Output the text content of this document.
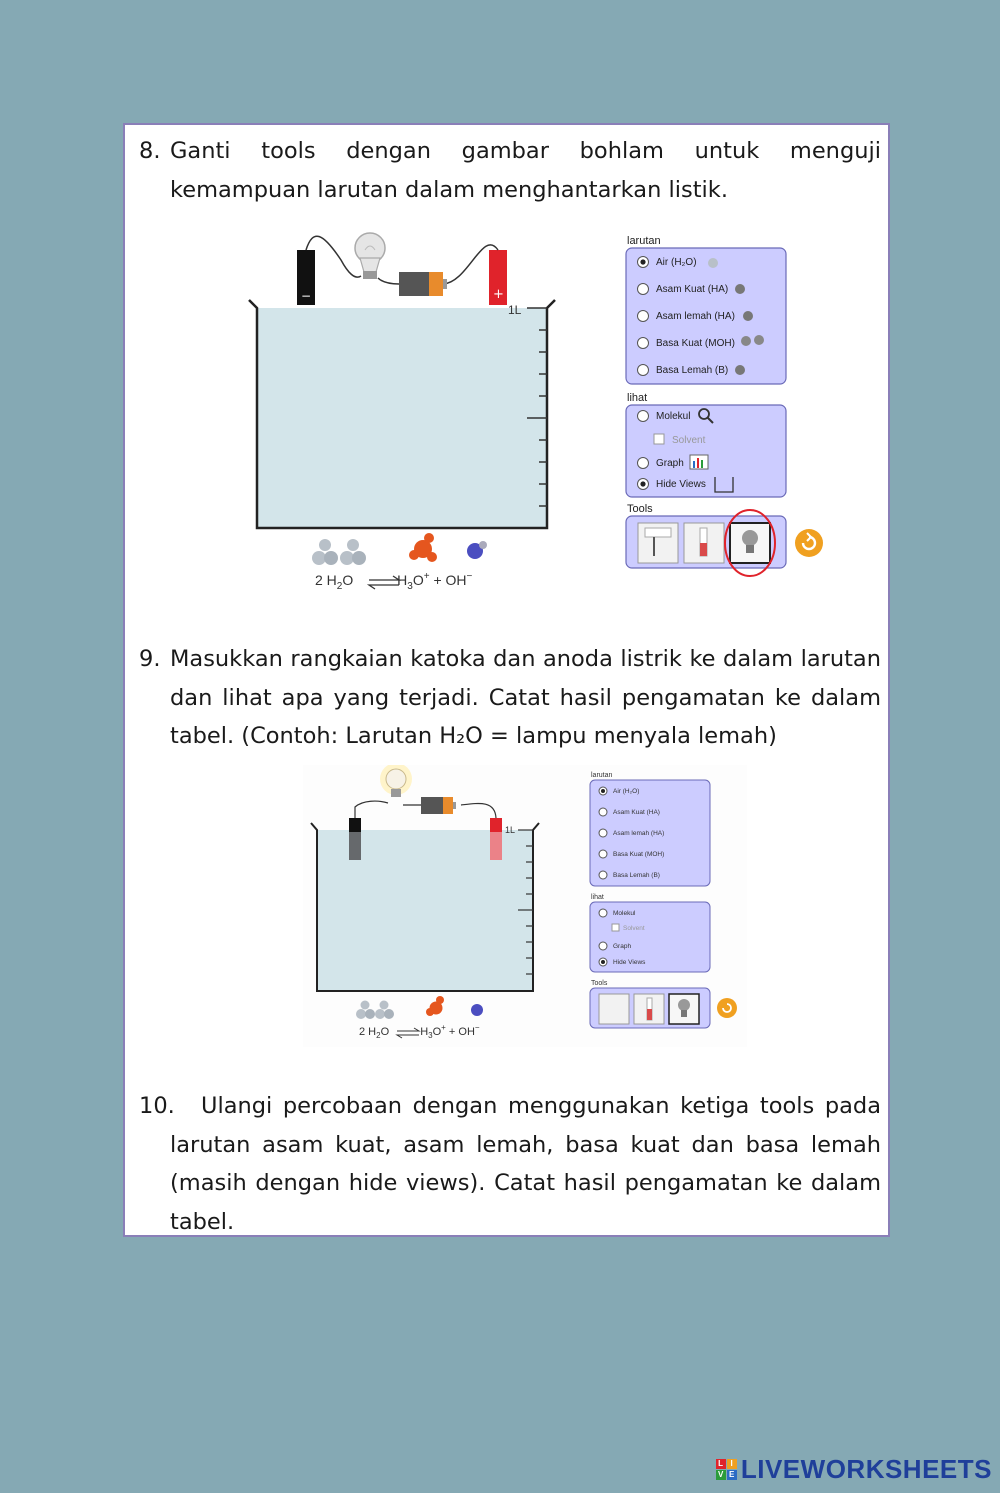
8. Ganti tools dengan gambar bohlam untuk menguji kemampuan larutan dalam menghantarkan listik.
1L
−	+
2 $H_2O$	$H_3O^+ + OH^-$
larutan
Air (H₂O)
Asam Kuat (HA)
Asam lemah (HA)
Basa Kuat (MOH)
Basa Lemah (B)
lihat
Molekul
Solvent
Graph
Hide Views
Tools
9. Masukkan rangkaian katoka dan anoda listrik ke dalam larutan dan lihat apa yang terjadi. Catat hasil pengamatan ke dalam tabel. (Contoh: Larutan H₂O = lampu menyala lemah)
1L
2 $H_2O$	$H_3O^+ + OH^-$
larutan
Air (H₂O)
Asam Kuat (HA)
Asam lemah (HA)
Basa Kuat (MOH)
Basa Lemah (B)
lihat
Molekul
Solvent
Graph
Hide Views
Tools
10.	Ulangi percobaan dengan menggunakan ketiga tools pada larutan asam kuat, asam lemah, basa kuat dan basa lemah (masih dengan hide views). Catat hasil pengamatan ke dalam tabel.
L I
V E LIVEWORKSHEETS
